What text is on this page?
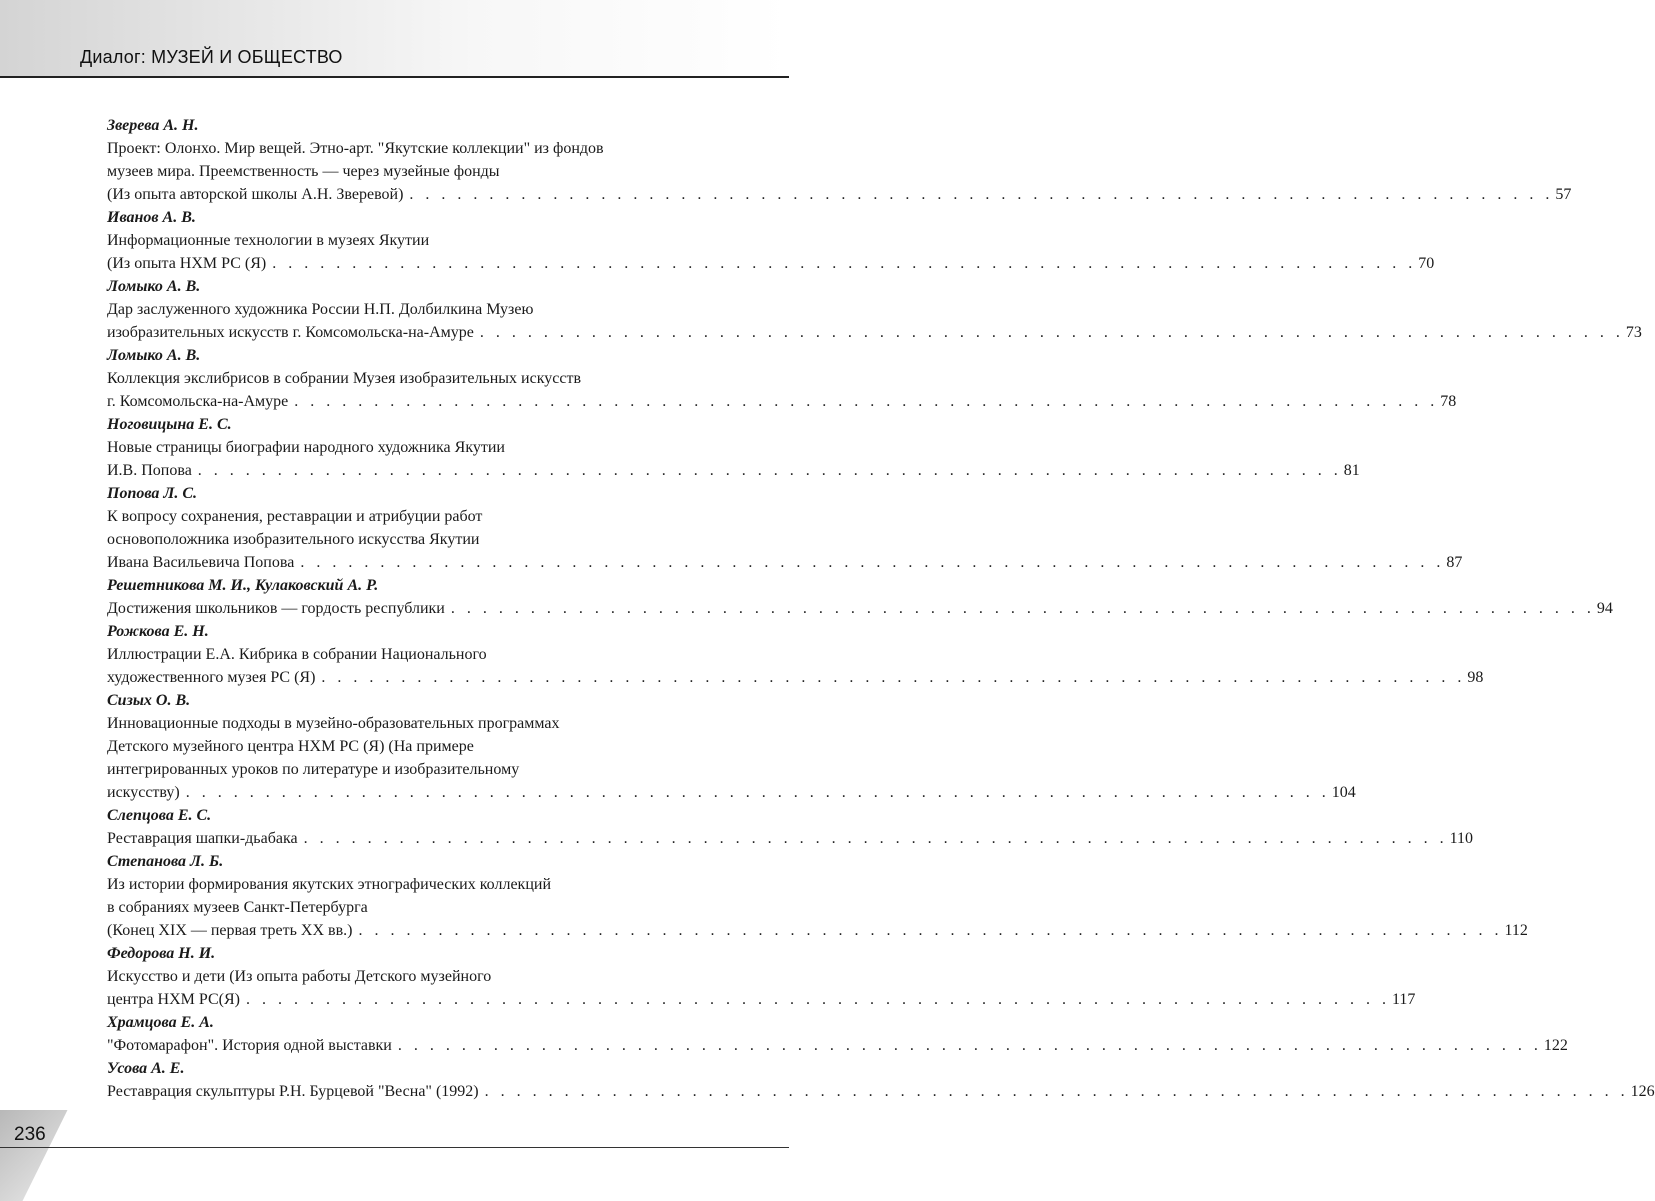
Диалог: МУЗЕЙ И ОБЩЕСТВО
Зверева А. Н.
Проект: Олонхо. Мир вещей. Этно-арт. "Якутские коллекции" из фондов
музеев мира. Преемственность — через музейные фонды
(Из опыта авторской школы А.Н. Зверевой) . . . . . . . . . . . . . . . . . . . . . . . . . . . . . . . . . . . . . . . . . . . . . . . . . . . . . . . . . . . . . . . . . . . . . . . . 57
Иванов А. В.
Информационные технологии в музеях Якутии
(Из опыта НХМ РС (Я) . . . . . . . . . . . . . . . . . . . . . . . . . . . . . . . . . . . . . . . . . . . . . . . . . . . . . . . . . . . . . . . . . . . . . . . . 70
Ломыко А. В.
Дар заслуженного художника России Н.П. Долбилкина Музею
изобразительных искусств г. Комсомольска-на-Амуре . . . . . . . . . . . . . . . . . . . . . . . . . . . . . . . . . . . . . . . . . . . . . . . . . . . . . . . . . . . . . . . . . . . . . . . . 73
Ломыко А. В.
Коллекция экслибрисов в собрании Музея изобразительных искусств
г. Комсомольска-на-Амуре . . . . . . . . . . . . . . . . . . . . . . . . . . . . . . . . . . . . . . . . . . . . . . . . . . . . . . . . . . . . . . . . . . . . . . . . 78
Ноговицына Е. С.
Новые страницы биографии народного художника Якутии
И.В. Попова . . . . . . . . . . . . . . . . . . . . . . . . . . . . . . . . . . . . . . . . . . . . . . . . . . . . . . . . . . . . . . . . . . . . . . . . 81
Попова Л. С.
К вопросу сохранения, реставрации и атрибуции работ
основоположника изобразительного искусства Якутии
Ивана Васильевича Попова . . . . . . . . . . . . . . . . . . . . . . . . . . . . . . . . . . . . . . . . . . . . . . . . . . . . . . . . . . . . . . . . . . . . . . . . 87
Решетникова М. И., Кулаковский А. Р.
Достижения школьников — гордость республики . . . . . . . . . . . . . . . . . . . . . . . . . . . . . . . . . . . . . . . . . . . . . . . . . . . . . . . . . . . . . . . . . . . . . . . . 94
Рожкова Е. Н.
Иллюстрации Е.А. Кибрика в собрании Национального
художественного музея РС (Я) . . . . . . . . . . . . . . . . . . . . . . . . . . . . . . . . . . . . . . . . . . . . . . . . . . . . . . . . . . . . . . . . . . . . . . . . 98
Сизых О. В.
Инновационные подходы в музейно-образовательных программах
Детского музейного центра НХМ РС (Я) (На примере
интегрированных уроков по литературе и изобразительному
искусству) . . . . . . . . . . . . . . . . . . . . . . . . . . . . . . . . . . . . . . . . . . . . . . . . . . . . . . . . . . . . . . . . . . . . . . . . 104
Слепцова Е. С.
Реставрация шапки-дьабака . . . . . . . . . . . . . . . . . . . . . . . . . . . . . . . . . . . . . . . . . . . . . . . . . . . . . . . . . . . . . . . . . . . . . . . . 110
Степанова Л. Б.
Из истории формирования якутских этнографических коллекций
в собраниях музеев Санкт-Петербурга
(Конец XIX — первая треть XX вв.) . . . . . . . . . . . . . . . . . . . . . . . . . . . . . . . . . . . . . . . . . . . . . . . . . . . . . . . . . . . . . . . . . . . . . . . . 112
Федорова Н. И.
Искусство и дети (Из опыта работы Детского музейного
центра НХМ РС(Я) . . . . . . . . . . . . . . . . . . . . . . . . . . . . . . . . . . . . . . . . . . . . . . . . . . . . . . . . . . . . . . . . . . . . . . . . 117
Храмцова Е. А.
"Фотомарафон". История одной выставки . . . . . . . . . . . . . . . . . . . . . . . . . . . . . . . . . . . . . . . . . . . . . . . . . . . . . . . . . . . . . . . . . . . . . . . . 122
Усова А. Е.
Реставрация скульптуры Р.Н. Бурцевой "Весна" (1992) . . . . . . . . . . . . . . . . . . . . . . . . . . . . . . . . . . . . . . . . . . . . . . . . . . . . . . . . . . . . . . . . . . . . . . . . 126
236
